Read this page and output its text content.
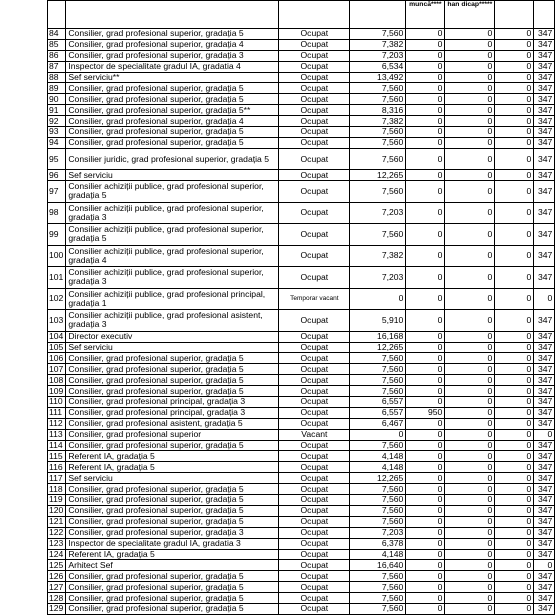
				muncă****	han dicap*****		
84	Consilier, grad profesional superior, gradația 5	Ocupat	7,560	0	0	0	347
85	Consilier, grad profesional superior, gradația 4	Ocupat	7,382	0	0	0	347
86	Consilier, grad profesional superior, gradația 3	Ocupat	7,203	0	0	0	347
87	Inspector de specialitate gradul IA, gradatia 4	Ocupat	6,534	0	0	0	347
88	Sef serviciu**	Ocupat	13,492	0	0	0	347
89	Consilier, grad profesional superior, gradația 5	Ocupat	7,560	0	0	0	347
90	Consilier, grad profesional superior, gradația 5	Ocupat	7,560	0	0	0	347
91	Consilier, grad profesional superior, gradația 5**	Ocupat	8,316	0	0	0	347
92	Consilier, grad profesional superior, gradația 4	Ocupat	7,382	0	0	0	347
93	Consilier, grad profesional superior, gradația 5	Ocupat	7,560	0	0	0	347
94	Consilier, grad profesional superior, gradația 5	Ocupat	7,560	0	0	0	347
95	Consilier juridic, grad profesional superior, gradația 5	Ocupat	7,560	0	0	0	347
96	Sef serviciu	Ocupat	12,265	0	0	0	347
97	Consilier achiziții publice, grad profesional superior, gradația 5	Ocupat	7,560	0	0	0	347
98	Consilier achiziții publice, grad profesional superior, gradația 3	Ocupat	7,203	0	0	0	347
99	Consilier achiziții publice, grad profesional superior, gradația 5	Ocupat	7,560	0	0	0	347
100	Consilier achiziții publice, grad profesional superior, gradația 4	Ocupat	7,382	0	0	0	347
101	Consilier achiziții publice, grad profesional superior, gradația 3	Ocupat	7,203	0	0	0	347
102	Consilier achiziții publice, grad profesional principal, gradația 1	Temporar vacant	0	0	0	0	0
103	Consilier achiziții publice, grad profesional asistent, gradația 3	Ocupat	5,910	0	0	0	347
104	Director executiv	Ocupat	16,168	0	0	0	347
105	Sef serviciu	Ocupat	12,265	0	0	0	347
106	Consilier, grad profesional superior, gradația 5	Ocupat	7,560	0	0	0	347
107	Consilier, grad profesional superior, gradația 5	Ocupat	7,560	0	0	0	347
108	Consilier, grad profesional superior, gradația 5	Ocupat	7,560	0	0	0	347
109	Consilier, grad profesional superior, gradația 5	Ocupat	7,560	0	0	0	347
110	Consilier, grad profesional principal, gradația 3	Ocupat	6,557	0	0	0	347
111	Consilier, grad profesional principal, gradația 3	Ocupat	6,557	950	0	0	347
112	Consilier, grad profesional asistent, gradația 5	Ocupat	6,467	0	0	0	347
113	Consilier, grad profesional superior	Vacant	0	0	0	0	0
114	Consilier, grad profesional superior, gradația 5	Ocupat	7,560	0	0	0	347
115	Referent IA, gradația 5	Ocupat	4,148	0	0	0	347
116	Referent IA, gradația 5	Ocupat	4,148	0	0	0	347
117	Sef serviciu	Ocupat	12,265	0	0	0	347
118	Consilier, grad profesional superior, gradația 5	Ocupat	7,560	0	0	0	347
119	Consilier, grad profesional superior, gradația 5	Ocupat	7,560	0	0	0	347
120	Consilier, grad profesional superior, gradația 5	Ocupat	7,560	0	0	0	347
121	Consilier, grad profesional superior, gradația 5	Ocupat	7,560	0	0	0	347
122	Consilier, grad profesional superior, gradația 3	Ocupat	7,203	0	0	0	347
123	Inspector de specialitate gradul IA, gradatia 3	Ocupat	6,378	0	0	0	347
124	Referent IA, gradația 5	Ocupat	4,148	0	0	0	347
125	Arhitect Sef	Ocupat	16,640	0	0	0	0
126	Consilier, grad profesional superior, gradația 5	Ocupat	7,560	0	0	0	347
127	Consilier, grad profesional superior, gradația 5	Ocupat	7,560	0	0	0	347
128	Consilier, grad profesional superior, gradația 5	Ocupat	7,560	0	0	0	347
129	Consilier, grad profesional superior, gradația 5	Ocupat	7,560	0	0	0	347
